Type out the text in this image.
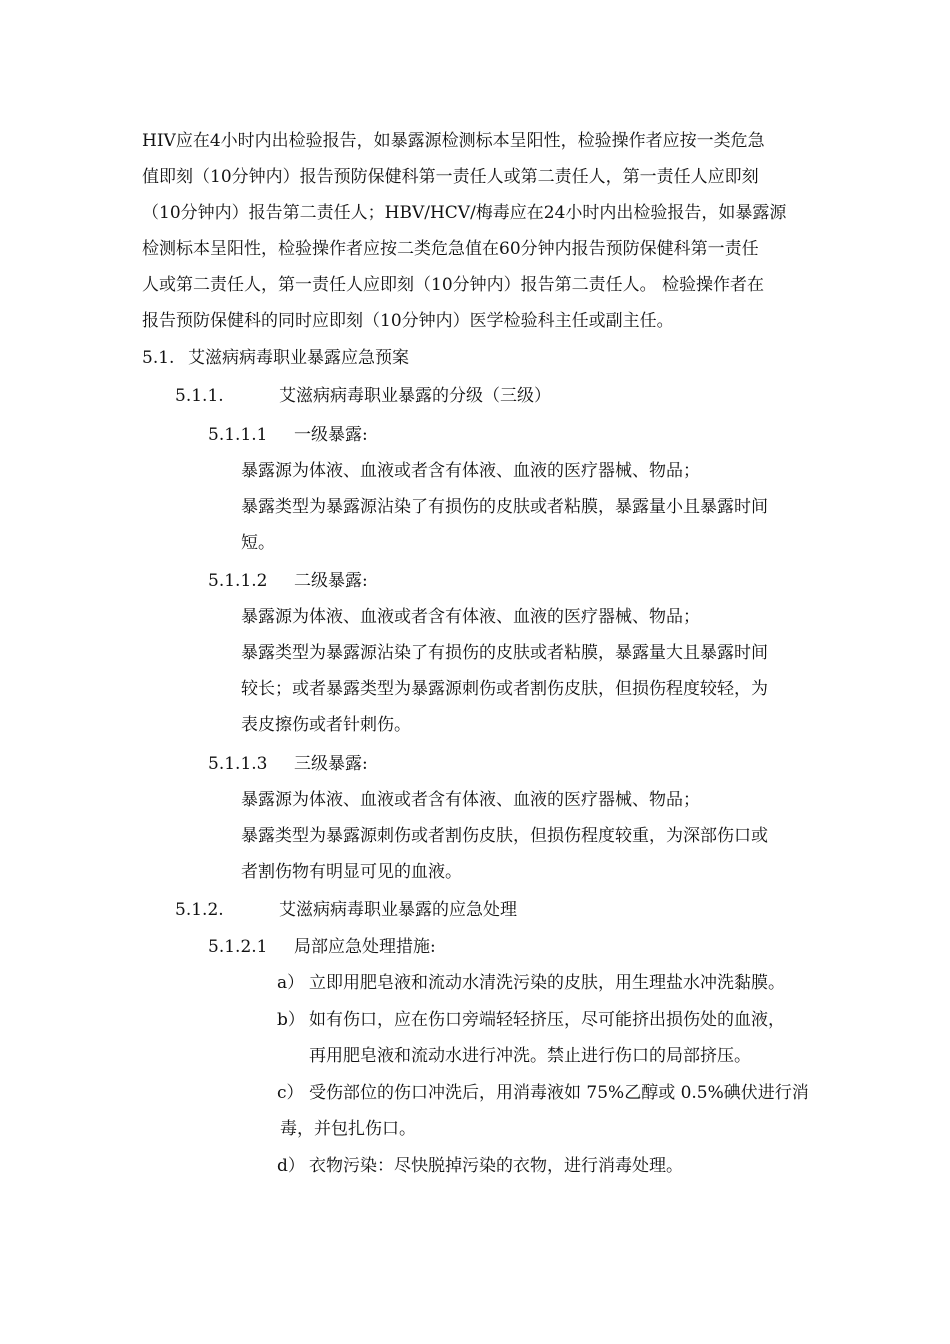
HIV应在4小时内出检验报告，如暴露源检测标本呈阳性，检验操作者应按一类危急
值即刻（10分钟内）报告预防保健科第一责任人或第二责任人，第一责任人应即刻
（10分钟内）报告第二责任人；HBV/HCV/梅毒应在24小时内出检验报告，如暴露源
检测标本呈阳性，检验操作者应按二类危急值在60分钟内报告预防保健科第一责任
人或第二责任人，第一责任人应即刻（10分钟内）报告第二责任人。 检验操作者在
报告预防保健科的同时应即刻（10分钟内）医学检验科主任或副主任。
5.1. 艾滋病病毒职业暴露应急预案
5.1.1.	艾滋病病毒职业暴露的分级（三级）
5.1.1.1 一级暴露:
暴露源为体液、血液或者含有体液、血液的医疗器械、物品；
暴露类型为暴露源沾染了有损伤的皮肤或者粘膜，暴露量小且暴露时间
短。
5.1.1.2 二级暴露:
暴露源为体液、血液或者含有体液、血液的医疗器械、物品；
暴露类型为暴露源沾染了有损伤的皮肤或者粘膜，暴露量大且暴露时间
较长；或者暴露类型为暴露源刺伤或者割伤皮肤，但损伤程度较轻，为
表皮擦伤或者针刺伤。
5.1.1.3 三级暴露:
暴露源为体液、血液或者含有体液、血液的医疗器械、物品；
暴露类型为暴露源刺伤或者割伤皮肤，但损伤程度较重，为深部伤口或
者割伤物有明显可见的血液。
5.1.2.	艾滋病病毒职业暴露的应急处理
5.1.2.1 局部应急处理措施:
a） 立即用肥皂液和流动水清洗污染的皮肤，用生理盐水冲洗黏膜。
b） 如有伤口，应在伤口旁端轻轻挤压，尽可能挤出损伤处的血液，
再用肥皂液和流动水进行冲洗。禁止进行伤口的局部挤压。
c） 受伤部位的伤口冲洗后，用消毒液如 75%乙醇或 0.5%碘伏进行消
毒，并包扎伤口。
d） 衣物污染：尽快脱掉污染的衣物，进行消毒处理。
